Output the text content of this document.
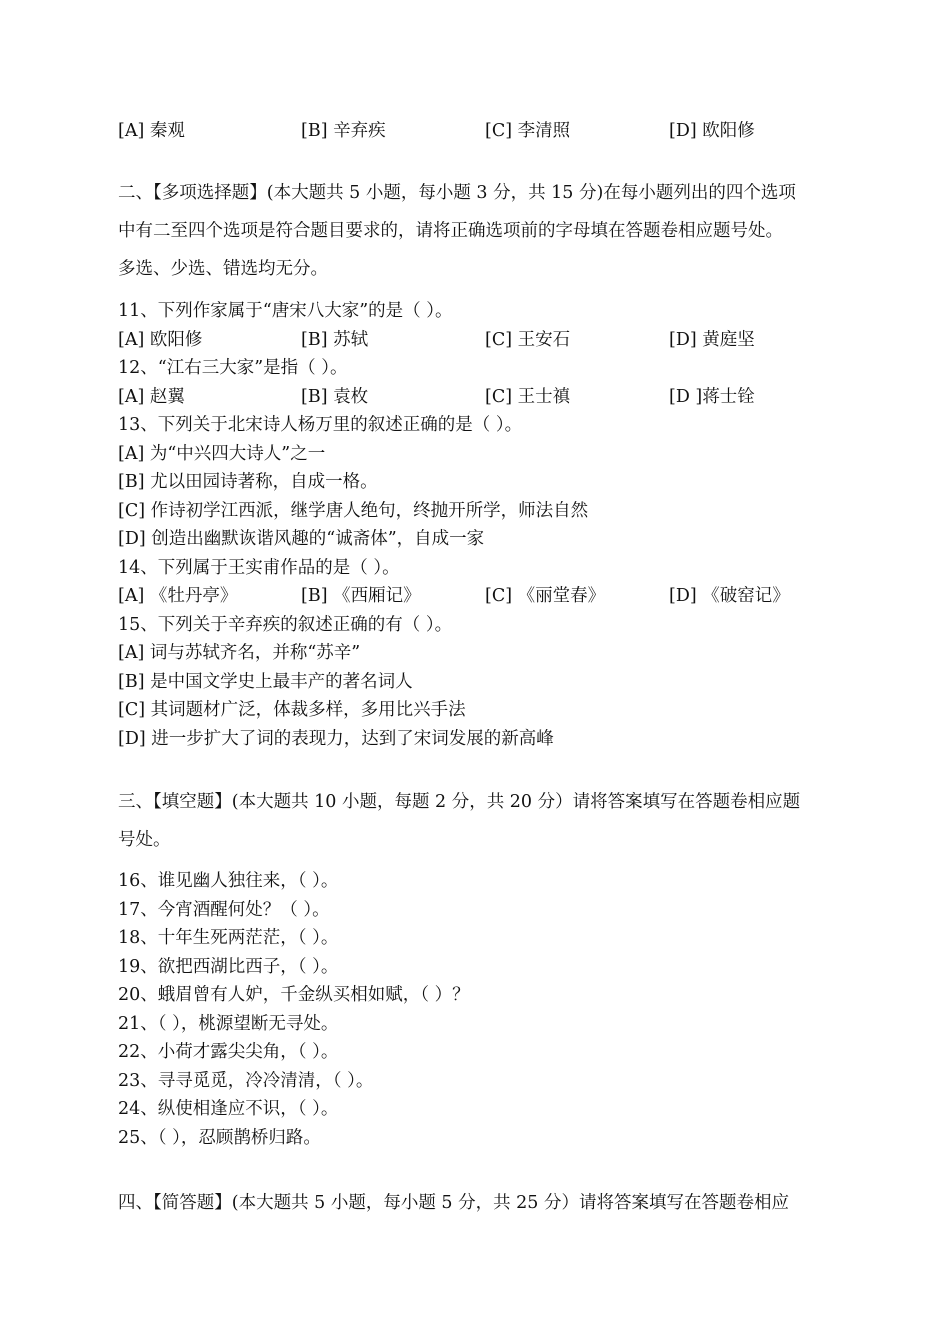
[A] 秦观	[B] 辛弃疾	[C] 李清照	[D] 欧阳修
二、【多项选择题】(本大题共 5 小题，每小题 3 分，共 15 分)在每小题列出的四个选项
中有二至四个选项是符合题目要求的，请将正确选项前的字母填在答题卷相应题号处。
多选、少选、错选均无分。
11、下列作家属于“唐宋八大家”的是（ ）。
[A] 欧阳修	[B] 苏轼	[C] 王安石	[D] 黄庭坚
12、“江右三大家”是指（ ）。
[A] 赵翼	[B] 袁枚	[C] 王士禛	[D ]蒋士铨
13、下列关于北宋诗人杨万里的叙述正确的是（ ）。
[A] 为“中兴四大诗人”之一
[B] 尤以田园诗著称，自成一格。
[C] 作诗初学江西派，继学唐人绝句，终抛开所学，师法自然
[D] 创造出幽默诙谐风趣的“诚斋体”，自成一家
14、下列属于王实甫作品的是（ ）。
[A] 《牡丹亭》	[B] 《西厢记》	[C] 《丽堂春》	[D] 《破窑记》
15、下列关于辛弃疾的叙述正确的有（ ）。
[A] 词与苏轼齐名，并称“苏辛”
[B] 是中国文学史上最丰产的著名词人
[C] 其词题材广泛，体裁多样，多用比兴手法
[D] 进一步扩大了词的表现力，达到了宋词发展的新高峰
三、【填空题】(本大题共 10 小题，每题 2 分，共 20 分）请将答案填写在答题卷相应题
号处。
16、谁见幽人独往来，（ ）。
17、今宵酒醒何处？（ ）。
18、十年生死两茫茫，（ ）。
19、欲把西湖比西子，（ ）。
20、蛾眉曾有人妒，千金纵买相如赋，（ ）？
21、（ ），桃源望断无寻处。
22、小荷才露尖尖角，（ ）。
23、寻寻觅觅，冷冷清清，（ ）。
24、纵使相逢应不识，（ ）。
25、（ ），忍顾鹊桥归路。
四、【简答题】(本大题共 5 小题，每小题 5 分，共 25 分）请将答案填写在答题卷相应
